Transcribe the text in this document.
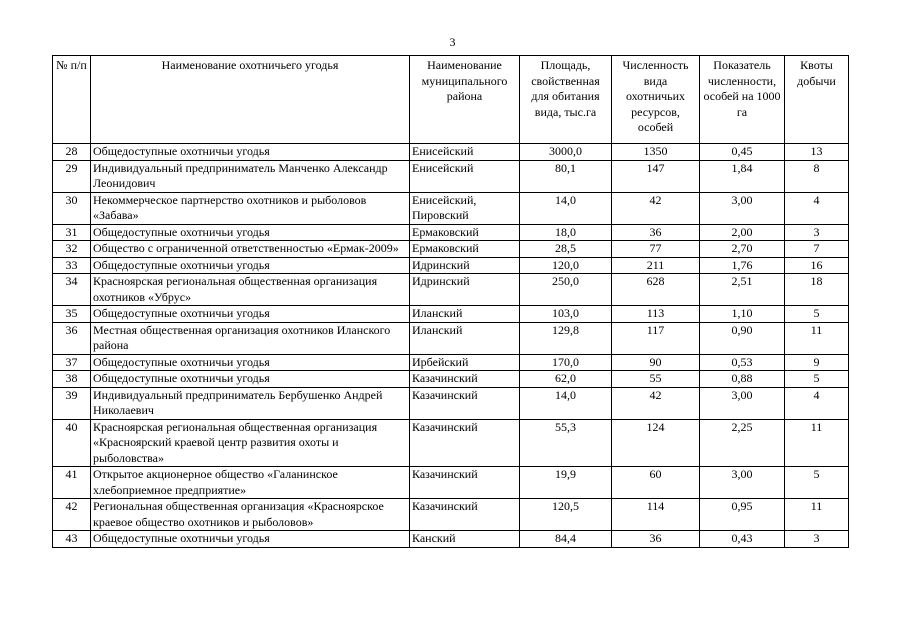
3
№ п/п	Наименование охотничьего угодья	Наименование муниципального района	Площадь, свойственная для обитания вида, тыс.га	Численность вида охотничьих ресурсов, особей	Показатель численности, особей на 1000 га	Квоты добычи
28	Общедоступные охотничьи угодья	Енисейский	3000,0	1350	0,45	13
29	Индивидуальный предприниматель Манченко Александр Леонидович	Енисейский	80,1	147	1,84	8
30	Некоммерческое партнерство охотников и рыболовов «Забава»	Енисейский, Пировский	14,0	42	3,00	4
31	Общедоступные охотничьи угодья	Ермаковский	18,0	36	2,00	3
32	Общество с ограниченной ответственностью «Ермак-2009»	Ермаковский	28,5	77	2,70	7
33	Общедоступные охотничьи угодья	Идринский	120,0	211	1,76	16
34	Красноярская региональная общественная организация охотников «Убрус»	Идринский	250,0	628	2,51	18
35	Общедоступные охотничьи угодья	Иланский	103,0	113	1,10	5
36	Местная общественная организация охотников Иланского района	Иланский	129,8	117	0,90	11
37	Общедоступные охотничьи угодья	Ирбейский	170,0	90	0,53	9
38	Общедоступные охотничьи угодья	Казачинский	62,0	55	0,88	5
39	Индивидуальный предприниматель Бербушенко Андрей Николаевич	Казачинский	14,0	42	3,00	4
40	Красноярская региональная общественная организация «Красноярский краевой центр развития охоты и рыболовства»	Казачинский	55,3	124	2,25	11
41	Открытое акционерное общество «Галанинское хлебоприемное предприятие»	Казачинский	19,9	60	3,00	5
42	Региональная общественная организация «Красноярское краевое общество охотников и рыболовов»	Казачинский	120,5	114	0,95	11
43	Общедоступные охотничьи угодья	Канский	84,4	36	0,43	3
